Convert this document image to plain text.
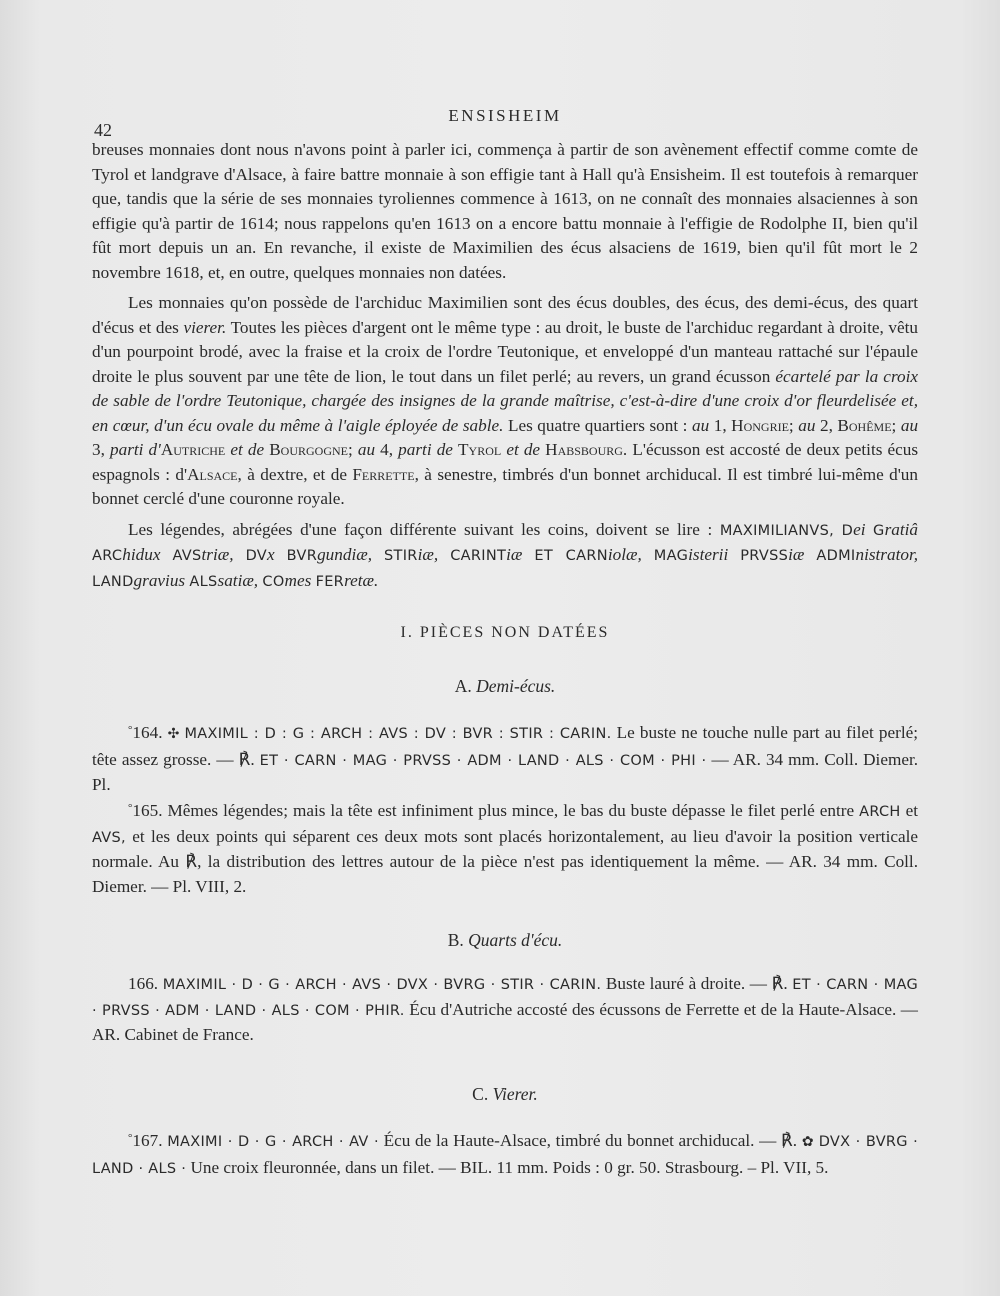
42
ENSISHEIM

breuses monnaies dont nous n'avons point à parler ici, commença à partir de son avènement effectif comme comte de Tyrol et landgrave d'Alsace, à faire battre monnaie à son effigie tant à Hall qu'à Ensisheim. Il est toutefois à remarquer que, tandis que la série de ses monnaies tyroliennes commence à 1613, on ne connaît des monnaies alsaciennes à son effigie qu'à partir de 1614; nous rappelons qu'en 1613 on a encore battu monnaie à l'effigie de Rodolphe II, bien qu'il fût mort depuis un an. En revanche, il existe de Maximilien des écus alsaciens de 1619, bien qu'il fût mort le 2 novembre 1618, et, en outre, quelques monnaies non datées.

Les monnaies qu'on possède de l'archiduc Maximilien sont des écus doubles, des écus, des demi-écus, des quart d'écus et des vierer. Toutes les pièces d'argent ont le même type : au droit, le buste de l'archiduc regardant à droite, vêtu d'un pourpoint brodé, avec la fraise et la croix de l'ordre Teutonique, et enveloppé d'un manteau rattaché sur l'épaule droite le plus souvent par une tête de lion, le tout dans un filet perlé; au revers, un grand écusson écartelé par la croix de sable de l'ordre Teutonique, chargée des insignes de la grande maîtrise, c'est-à-dire d'une croix d'or fleurdelisée et, en cœur, d'un écu ovale du même à l'aigle éployée de sable. Les quatre quartiers sont : au 1, Hongrie; au 2, Bohême; au 3, parti d'Autriche et de Bourgogne; au 4, parti de Tyrol et de Habsbourg. L'écusson est accosté de deux petits écus espagnols : d'Alsace, à dextre, et de Ferrette, à senestre, timbrés d'un bonnet archiducal. Il est timbré lui-même d'un bonnet cerclé d'une couronne royale.

Les légendes, abrégées d'une façon différente suivant les coins, doivent se lire : MAXIMILIANVS, Dei Gratiâ ARChidux AVStriæ, DVx BVRgundiæ, STIRiæ, CARINTiæ ET CARNiolæ, MAGisterii PRVSSiæ ADMInistrator, LANDgravius ALSsatiæ, COmes FERretæ.

I. PIÈCES NON DATÉES
A. Demi-écus.

°164. ✣ MAXIMIL : D : G : ARCH : AVS : DV : BVR : STIR : CARIN. Le buste ne touche nulle part au filet perlé; tête assez grosse. — ℟. ET · CARN · MAG · PRVSS · ADM · LAND · ALS · COM · PHI · — AR. 34 mm. Coll. Diemer. Pl.

°165. Mêmes légendes; mais la tête est infiniment plus mince, le bas du buste dépasse le filet perlé entre ARCH et AVS, et les deux points qui séparent ces deux mots sont placés horizontalement, au lieu d'avoir la position verticale normale. Au ℟, la distribution des lettres autour de la pièce n'est pas identiquement la même. — AR. 34 mm. Coll. Diemer. — Pl. VIII, 2.

B. Quarts d'écu.

166. MAXIMIL · D · G · ARCH · AVS · DVX · BVRG · STIR · CARIN. Buste lauré à droite. — ℟. ET · CARN · MAG · PRVSS · ADM · LAND · ALS · COM · PHIR. Écu d'Autriche accosté des écussons de Ferrette et de la Haute-Alsace. — AR. Cabinet de France.

C. Vierer.

°167. MAXIMI · D · G · ARCH · AV · Écu de la Haute-Alsace, timbré du bonnet archiducal. — ℟. ✿ DVX · BVRG · LAND · ALS · Une croix fleuronnée, dans un filet. — BIL. 11 mm. Poids : 0 gr. 50. Strasbourg. – Pl. VII, 5.
